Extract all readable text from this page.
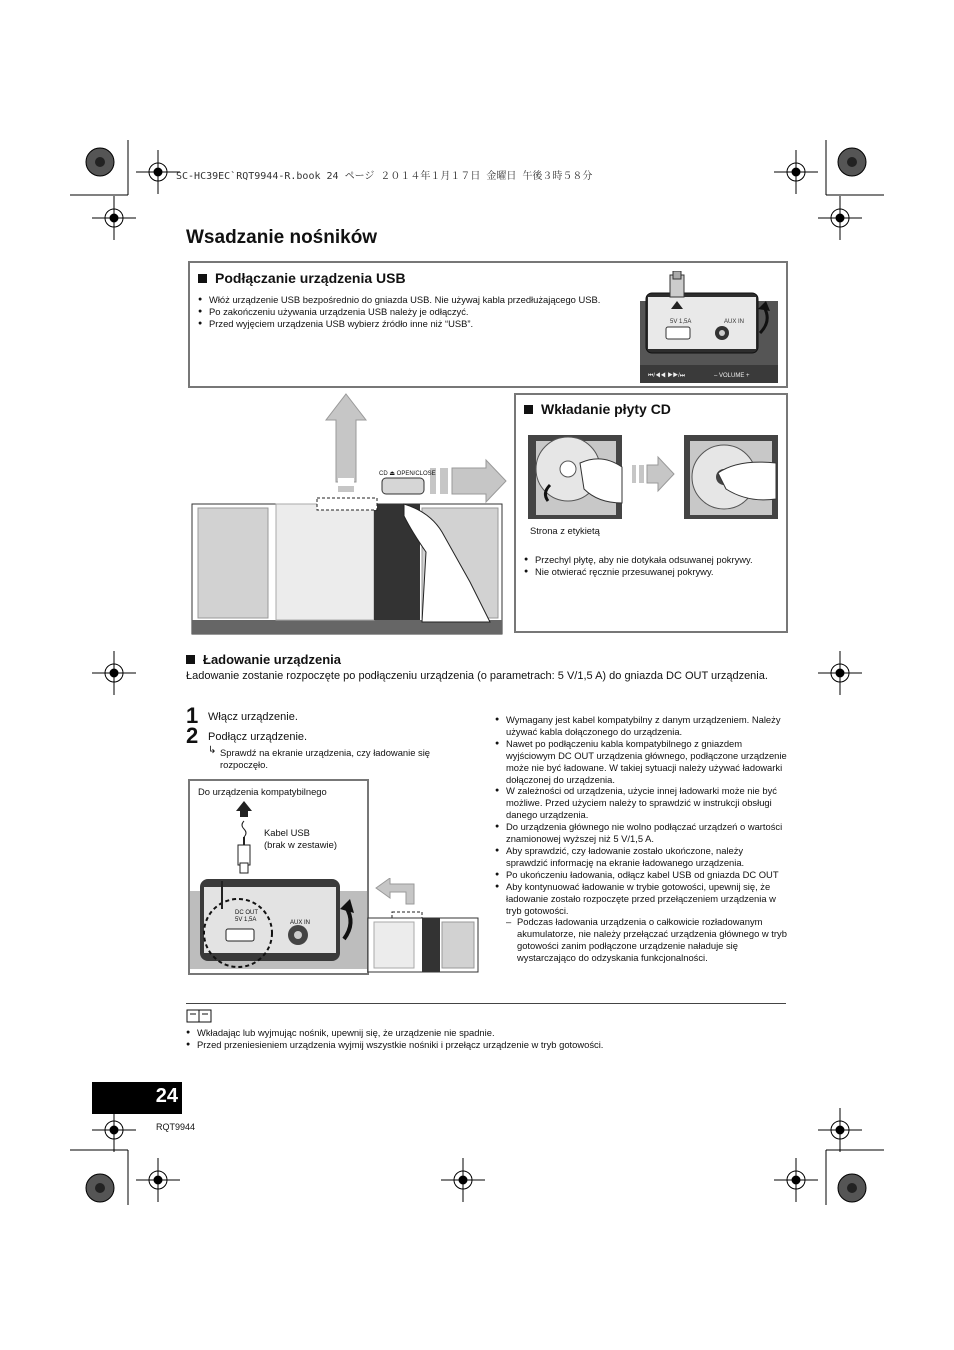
SC-HC39EC`RQT9944-R.book 24 ページ ２０１４年１月１７日 金曜日 午後３時５８分
Wsadzanie nośników
Podłączanie urządzenia USB
● Włóż urządzenie USB bezpośrednio do gniazda USB. Nie używaj kabla przedłużającego USB.
● Po zakończeniu używania urządzenia USB należy je odłączyć.
● Przed wyjęciem urządzenia USB wybierz źródło inne niż “USB”.	AUX IN
5V 1,5A
⏮/◀◀ ▶▶/⏭	– VOLUME +
CD ⏏ OPEN/CLOSE
Wkładanie płyty CD
Strona z etykietą
● Przechyl płytę, aby nie dotykała odsuwanej pokrywy.
● Nie otwierać ręcznie przesuwanej pokrywy.
Ładowanie urządzenia
Ładowanie zostanie rozpoczęte po podłączeniu urządzenia (o parametrach: 5 V/1,5 A) do gniazda DC OUT urządzenia.
1 Włącz urządzenie.
2 Podłącz urządzenie.
↳ Sprawdź na ekranie urządzenia, czy ładowanie się rozpoczęło.
Do urządzenia kompatybilnego
Kabel USB
(brak w zestawie)
DC OUT
5V 1,5A	AUX IN
● Wymagany jest kabel kompatybilny z danym urządzeniem. Należy używać kabla dołączonego do urządzenia.
● Nawet po podłączeniu kabla kompatybilnego z gniazdem wyjściowym DC OUT urządzenia głównego, podłączone urządzenie może nie być ładowane. W takiej sytuacji należy używać ładowarki dołączonej do urządzenia.
● W zależności od urządzenia, użycie innej ładowarki może nie być możliwe. Przed użyciem należy to sprawdzić w instrukcji obsługi danego urządzenia.
● Do urządzenia głównego nie wolno podłączać urządzeń o wartości znamionowej wyższej niż 5 V/1,5 A.
● Aby sprawdzić, czy ładowanie zostało ukończone, należy sprawdzić informację na ekranie ładowanego urządzenia.
● Po ukończeniu ładowania, odłącz kabel USB od gniazda DC OUT
● Aby kontynuować ładowanie w trybie gotowości, upewnij się, że ładowanie zostało rozpoczęte przed przełączeniem urządzenia w tryb gotowości.
– Podczas ładowania urządzenia o całkowicie rozładowanym akumulatorze, nie należy przełączać urządzenia głównego w tryb gotowości zanim podłączone urządzenie naładuje się wystarczająco do odzyskania funkcjonalności.
● Wkładając lub wyjmując nośnik, upewnij się, że urządzenie nie spadnie.
● Przed przeniesieniem urządzenia wyjmij wszystkie nośniki i przełącz urządzenie w tryb gotowości.
24
RQT9944
